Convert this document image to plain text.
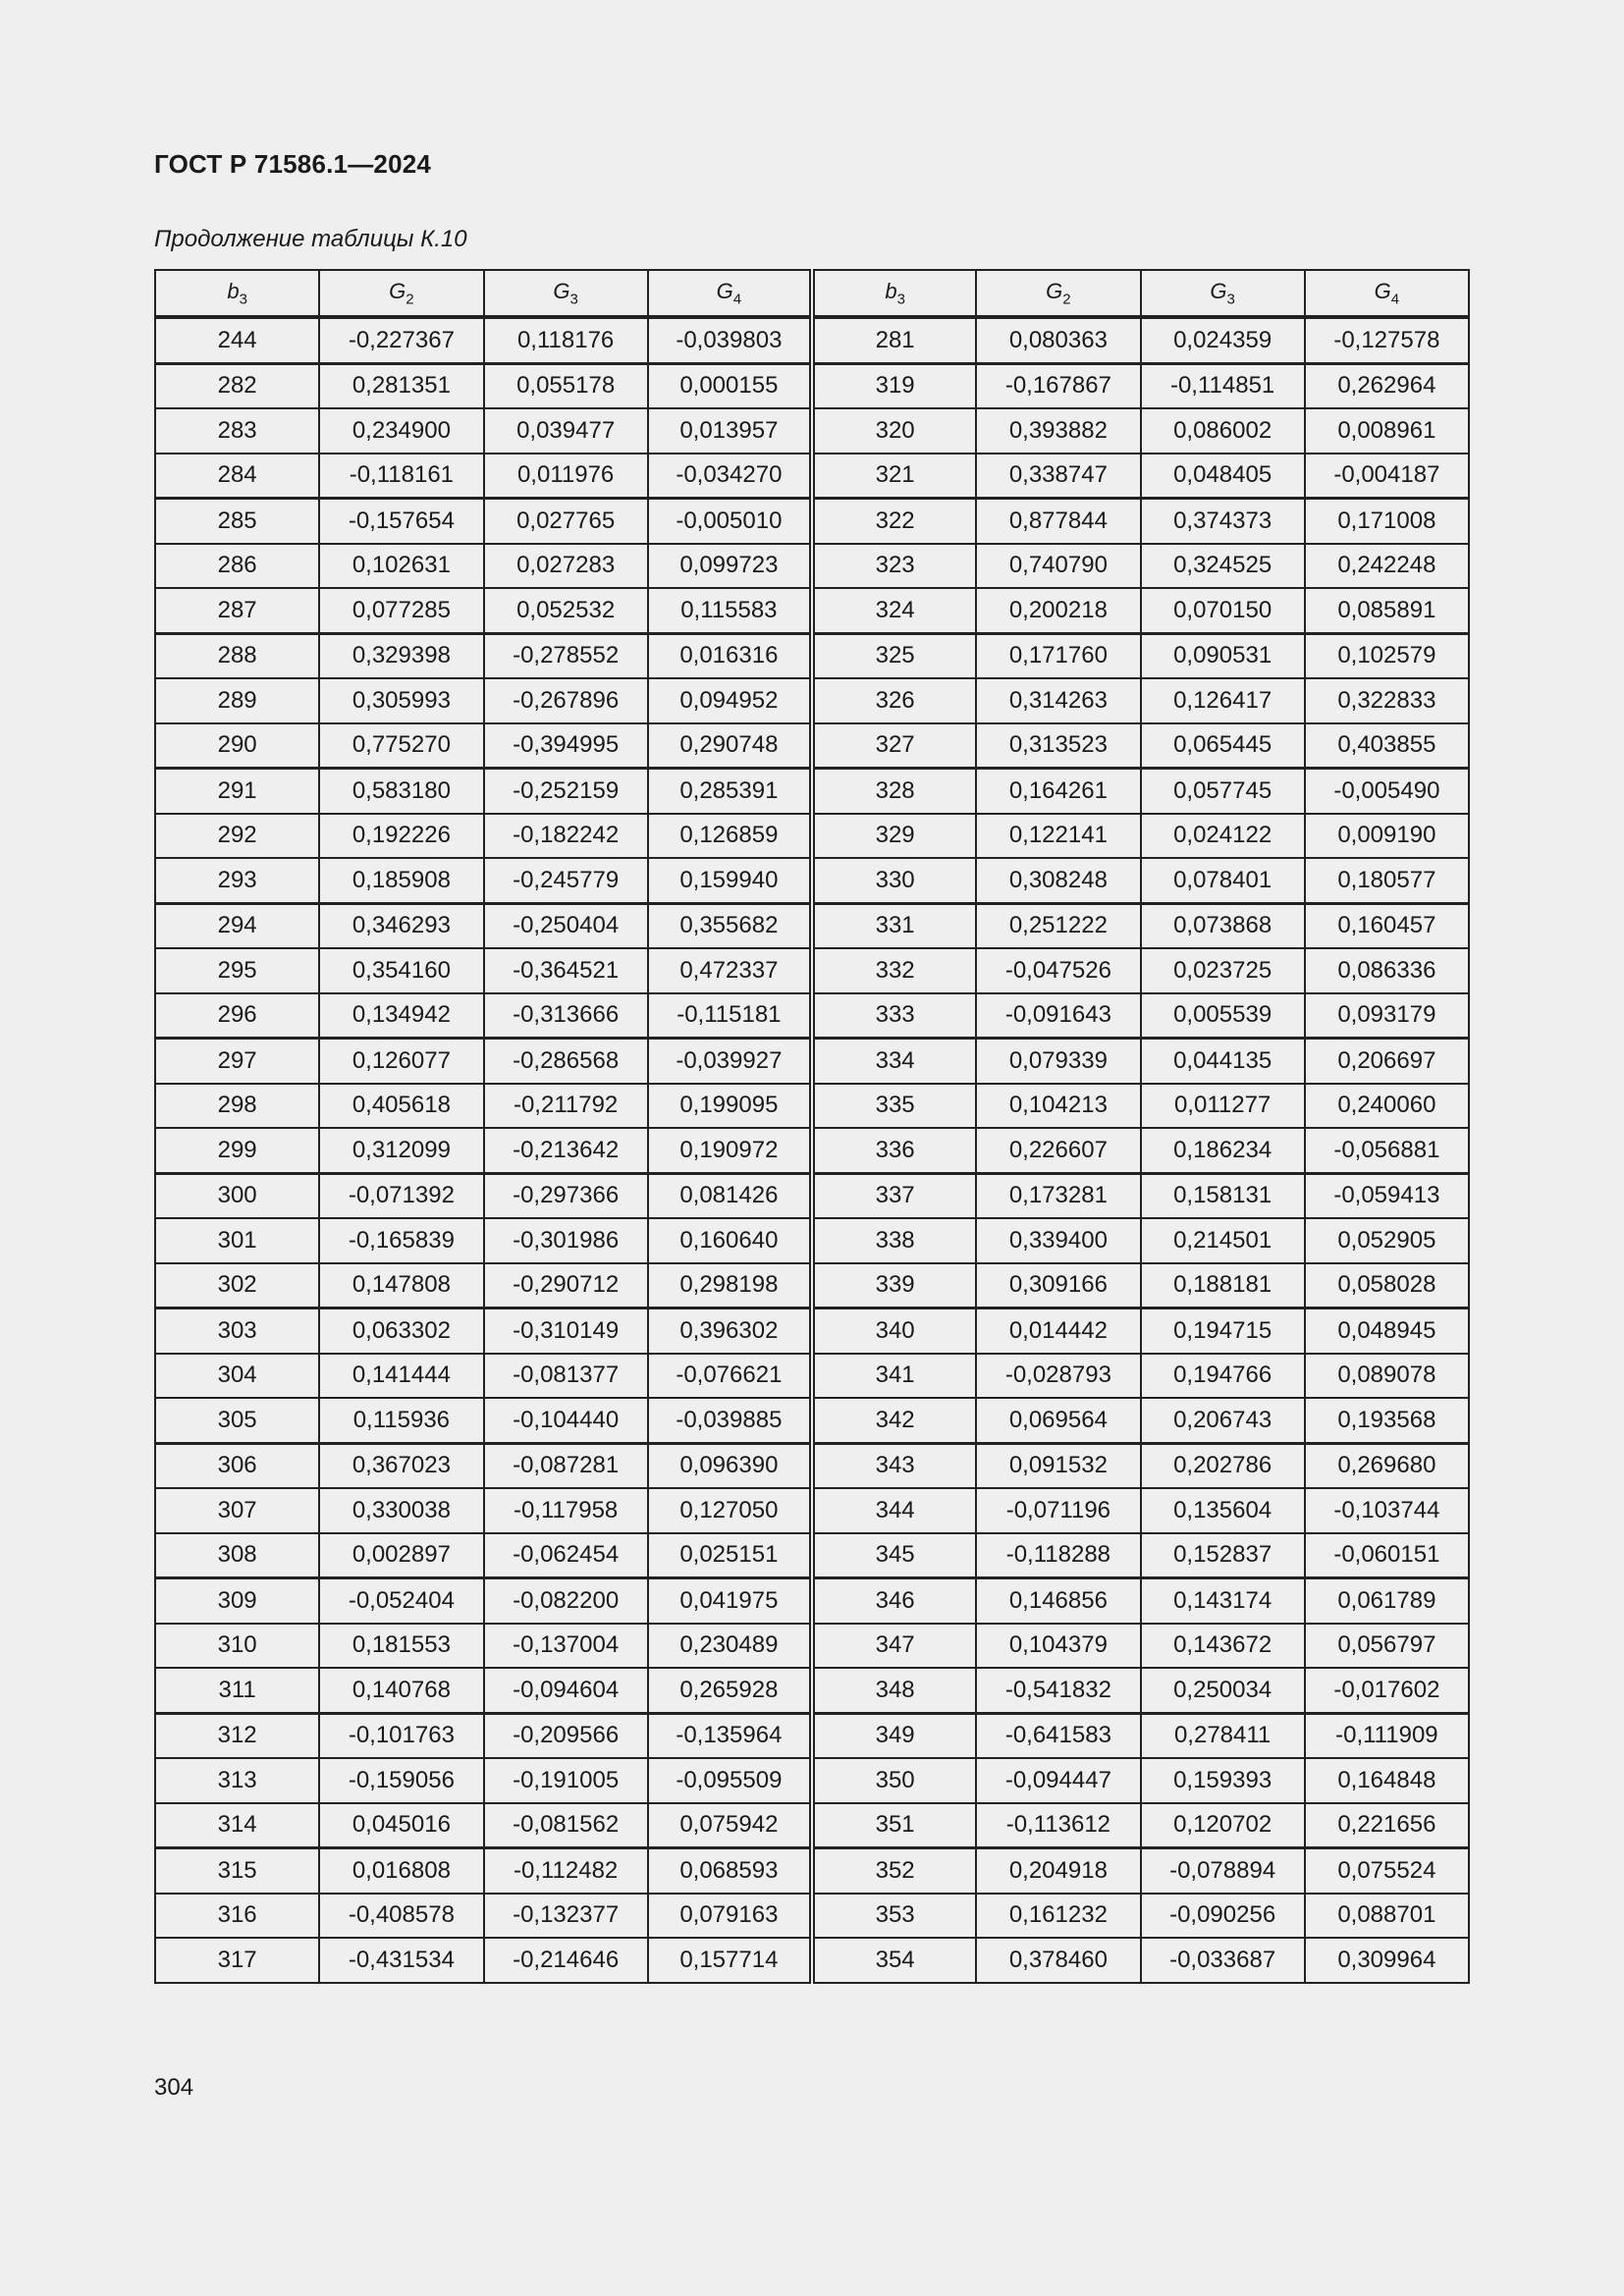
ГОСТ Р 71586.1—2024
Продолжение таблицы К.10
$b_3$	$G_2$	$G_3$	$G_4$	$b_3$	$G_2$	$G_3$	$G_4$
244	-0,227367	0,118176	-0,039803	281	0,080363	0,024359	-0,127578
282	0,281351	0,055178	0,000155	319	-0,167867	-0,114851	0,262964
283	0,234900	0,039477	0,013957	320	0,393882	0,086002	0,008961
284	-0,118161	0,011976	-0,034270	321	0,338747	0,048405	-0,004187
285	-0,157654	0,027765	-0,005010	322	0,877844	0,374373	0,171008
286	0,102631	0,027283	0,099723	323	0,740790	0,324525	0,242248
287	0,077285	0,052532	0,115583	324	0,200218	0,070150	0,085891
288	0,329398	-0,278552	0,016316	325	0,171760	0,090531	0,102579
289	0,305993	-0,267896	0,094952	326	0,314263	0,126417	0,322833
290	0,775270	-0,394995	0,290748	327	0,313523	0,065445	0,403855
291	0,583180	-0,252159	0,285391	328	0,164261	0,057745	-0,005490
292	0,192226	-0,182242	0,126859	329	0,122141	0,024122	0,009190
293	0,185908	-0,245779	0,159940	330	0,308248	0,078401	0,180577
294	0,346293	-0,250404	0,355682	331	0,251222	0,073868	0,160457
295	0,354160	-0,364521	0,472337	332	-0,047526	0,023725	0,086336
296	0,134942	-0,313666	-0,115181	333	-0,091643	0,005539	0,093179
297	0,126077	-0,286568	-0,039927	334	0,079339	0,044135	0,206697
298	0,405618	-0,211792	0,199095	335	0,104213	0,011277	0,240060
299	0,312099	-0,213642	0,190972	336	0,226607	0,186234	-0,056881
300	-0,071392	-0,297366	0,081426	337	0,173281	0,158131	-0,059413
301	-0,165839	-0,301986	0,160640	338	0,339400	0,214501	0,052905
302	0,147808	-0,290712	0,298198	339	0,309166	0,188181	0,058028
303	0,063302	-0,310149	0,396302	340	0,014442	0,194715	0,048945
304	0,141444	-0,081377	-0,076621	341	-0,028793	0,194766	0,089078
305	0,115936	-0,104440	-0,039885	342	0,069564	0,206743	0,193568
306	0,367023	-0,087281	0,096390	343	0,091532	0,202786	0,269680
307	0,330038	-0,117958	0,127050	344	-0,071196	0,135604	-0,103744
308	0,002897	-0,062454	0,025151	345	-0,118288	0,152837	-0,060151
309	-0,052404	-0,082200	0,041975	346	0,146856	0,143174	0,061789
310	0,181553	-0,137004	0,230489	347	0,104379	0,143672	0,056797
311	0,140768	-0,094604	0,265928	348	-0,541832	0,250034	-0,017602
312	-0,101763	-0,209566	-0,135964	349	-0,641583	0,278411	-0,111909
313	-0,159056	-0,191005	-0,095509	350	-0,094447	0,159393	0,164848
314	0,045016	-0,081562	0,075942	351	-0,113612	0,120702	0,221656
315	0,016808	-0,112482	0,068593	352	0,204918	-0,078894	0,075524
316	-0,408578	-0,132377	0,079163	353	0,161232	-0,090256	0,088701
317	-0,431534	-0,214646	0,157714	354	0,378460	-0,033687	0,309964
304
